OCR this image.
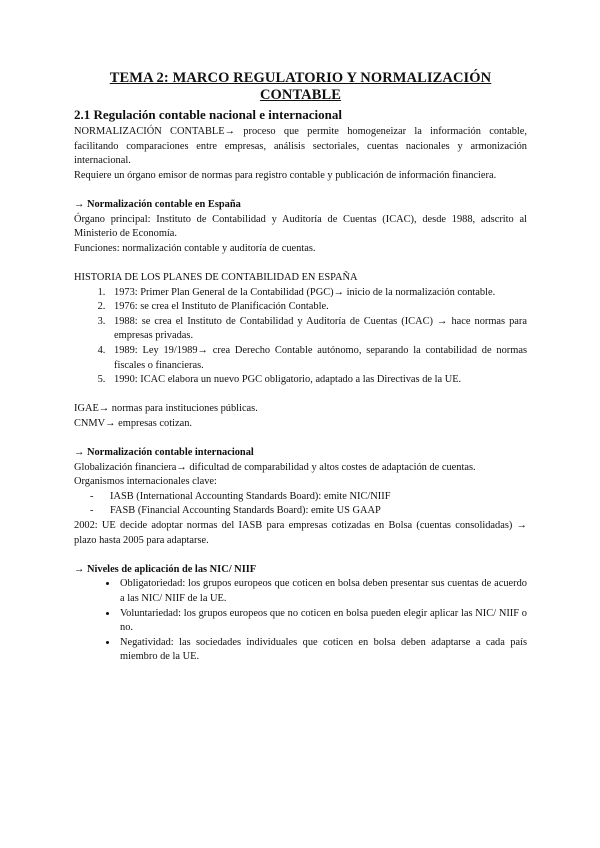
TEMA 2: MARCO REGULATORIO Y NORMALIZACIÓN CONTABLE
2.1 Regulación contable nacional e internacional

NORMALIZACIÓN CONTABLE→ proceso que permite homogeneizar la información contable, facilitando comparaciones entre empresas, análisis sectoriales, cuentas nacionales y armonización internacional.

Requiere un órgano emisor de normas para registro contable y publicación de información financiera.

→ Normalización contable en España

Órgano principal: Instituto de Contabilidad y Auditoría de Cuentas (ICAC), desde 1988, adscrito al Ministerio de Economía.

Funciones: normalización contable y auditoría de cuentas.

HISTORIA DE LOS PLANES DE CONTABILIDAD EN ESPAÑA

1. 1973: Primer Plan General de la Contabilidad (PGC)→ inicio de la normalización contable.
2. 1976: se crea el Instituto de Planificación Contable.
3. 1988: se crea el Instituto de Contabilidad y Auditoría de Cuentas (ICAC) → hace normas para empresas privadas.
4. 1989: Ley 19/1989→ crea Derecho Contable autónomo, separando la contabilidad de normas fiscales o financieras.
5. 1990: ICAC elabora un nuevo PGC obligatorio, adaptado a las Directivas de la UE.

IGAE→ normas para instituciones públicas.

CNMV→ empresas cotizan.

→ Normalización contable internacional

Globalización financiera→ dificultad de comparabilidad y altos costes de adaptación de cuentas.

Organismos internacionales clave:

- IASB (International Accounting Standards Board): emite NIC/NIIF
- FASB (Financial Accounting Standards Board): emite US GAAP

2002: UE decide adoptar normas del IASB para empresas cotizadas en Bolsa (cuentas consolidadas) → plazo hasta 2005 para adaptarse.

→ Niveles de aplicación de las NIC/ NIIF

• Obligatoriedad: los grupos europeos que coticen en bolsa deben presentar sus cuentas de acuerdo a las NIC/ NIIF de la UE.
• Voluntariedad: los grupos europeos que no coticen en bolsa pueden elegir aplicar las NIC/ NIIF o no.
• Negatividad: las sociedades individuales que coticen en bolsa deben adaptarse a cada país miembro de la UE.
